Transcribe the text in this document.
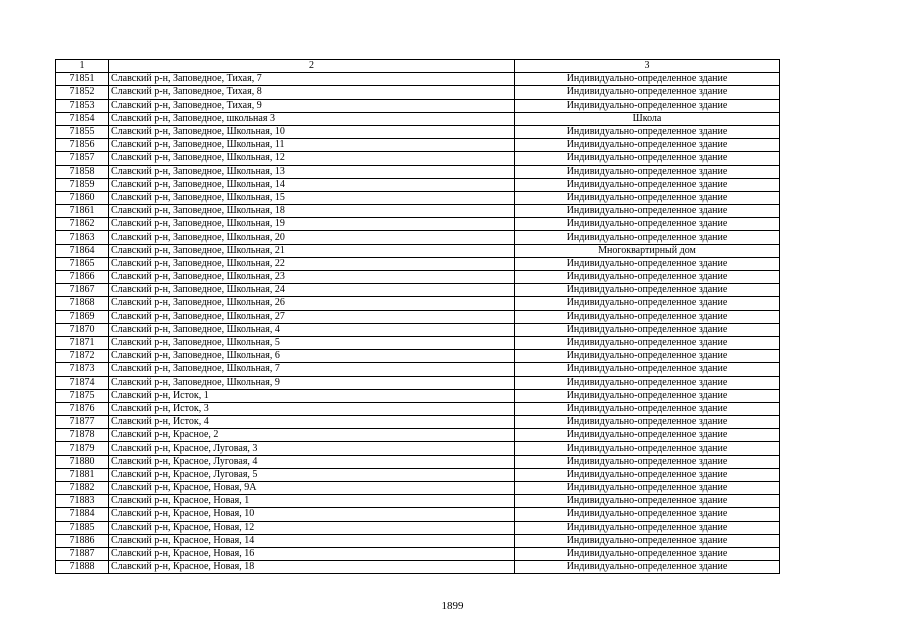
1	2	3
71851	Славский р-н, Заповедное, Тихая, 7	Индивидуально-определенное здание
71852	Славский р-н, Заповедное, Тихая, 8	Индивидуально-определенное здание
71853	Славский р-н, Заповедное, Тихая, 9	Индивидуально-определенное здание
71854	Славский р-н, Заповедное, школьная 3	Школа
71855	Славский р-н, Заповедное, Школьная, 10	Индивидуально-определенное здание
71856	Славский р-н, Заповедное, Школьная, 11	Индивидуально-определенное здание
71857	Славский р-н, Заповедное, Школьная, 12	Индивидуально-определенное здание
71858	Славский р-н, Заповедное, Школьная, 13	Индивидуально-определенное здание
71859	Славский р-н, Заповедное, Школьная, 14	Индивидуально-определенное здание
71860	Славский р-н, Заповедное, Школьная, 15	Индивидуально-определенное здание
71861	Славский р-н, Заповедное, Школьная, 18	Индивидуально-определенное здание
71862	Славский р-н, Заповедное, Школьная, 19	Индивидуально-определенное здание
71863	Славский р-н, Заповедное, Школьная, 20	Индивидуально-определенное здание
71864	Славский р-н, Заповедное, Школьная, 21	Многоквартирный дом
71865	Славский р-н, Заповедное, Школьная, 22	Индивидуально-определенное здание
71866	Славский р-н, Заповедное, Школьная, 23	Индивидуально-определенное здание
71867	Славский р-н, Заповедное, Школьная, 24	Индивидуально-определенное здание
71868	Славский р-н, Заповедное, Школьная, 26	Индивидуально-определенное здание
71869	Славский р-н, Заповедное, Школьная, 27	Индивидуально-определенное здание
71870	Славский р-н, Заповедное, Школьная, 4	Индивидуально-определенное здание
71871	Славский р-н, Заповедное, Школьная, 5	Индивидуально-определенное здание
71872	Славский р-н, Заповедное, Школьная, 6	Индивидуально-определенное здание
71873	Славский р-н, Заповедное, Школьная, 7	Индивидуально-определенное здание
71874	Славский р-н, Заповедное, Школьная, 9	Индивидуально-определенное здание
71875	Славский р-н, Исток, 1	Индивидуально-определенное здание
71876	Славский р-н, Исток, 3	Индивидуально-определенное здание
71877	Славский р-н, Исток, 4	Индивидуально-определенное здание
71878	Славский р-н, Красное, 2	Индивидуально-определенное здание
71879	Славский р-н, Красное, Луговая, 3	Индивидуально-определенное здание
71880	Славский р-н, Красное, Луговая, 4	Индивидуально-определенное здание
71881	Славский р-н, Красное, Луговая, 5	Индивидуально-определенное здание
71882	Славский р-н, Красное, Новая, 9А	Индивидуально-определенное здание
71883	Славский р-н, Красное, Новая, 1	Индивидуально-определенное здание
71884	Славский р-н, Красное, Новая, 10	Индивидуально-определенное здание
71885	Славский р-н, Красное, Новая, 12	Индивидуально-определенное здание
71886	Славский р-н, Красное, Новая, 14	Индивидуально-определенное здание
71887	Славский р-н, Красное, Новая, 16	Индивидуально-определенное здание
71888	Славский р-н, Красное, Новая, 18	Индивидуально-определенное здание
1899
